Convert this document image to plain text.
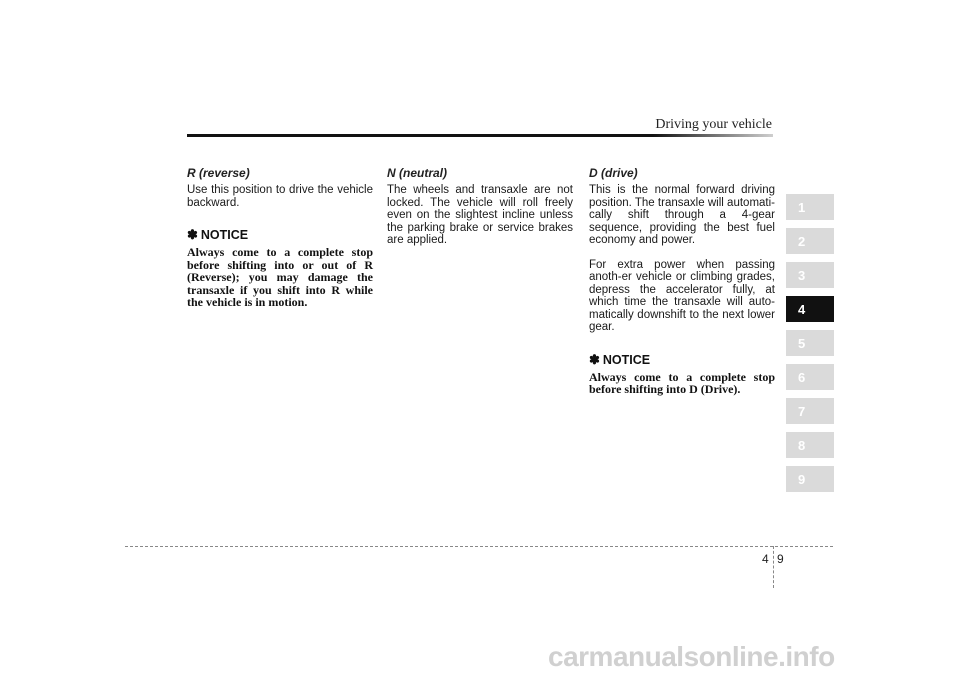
Driving your vehicle

R (reverse)

Use this position to drive the vehicle backward.

✽ NOTICE

Always come to a complete stop before shifting into or out of R (Reverse); you may damage the transaxle if you shift into R while the vehicle is in motion.

N (neutral)

The wheels and transaxle are not locked. The vehicle will roll freely even on the slightest incline unless the parking brake or service brakes are applied.

D (drive)

This is the normal forward driving position. The transaxle will automati-cally shift through a 4-gear sequence, providing the best fuel economy and power.

For extra power when passing anoth-er vehicle or climbing grades, depress the accelerator fully, at which time the transaxle will auto-matically downshift to the next lower gear.

✽ NOTICE

Always come to a complete stop before shifting into D (Drive).

1
2
3
4
5
6
7
8
9
4 9
carmanualsonline.info
